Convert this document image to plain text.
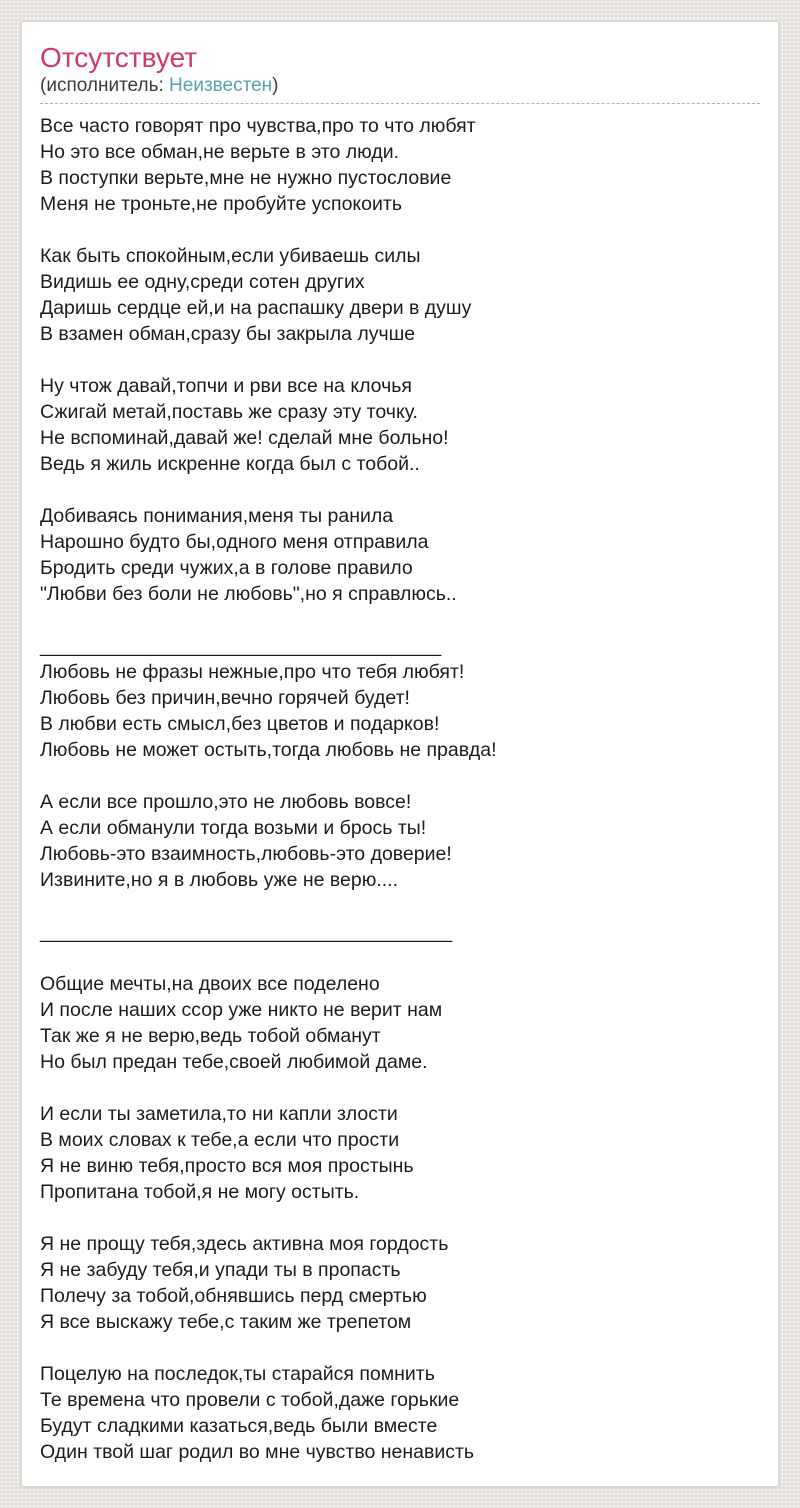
Отсутствует
(исполнитель: Неизвестен)
Все часто говорят про чувства,про то что любят
Но это все обман,не верьте в это люди.
В поступки верьте,мне не нужно пустословие
Меня не троньте,не пробуйте успокоить

Как быть спокойным,если убиваешь силы
Видишь ее одну,среди сотен других
Даришь сердце ей,и на распашку двери в душу
В взамен обман,сразу бы закрыла лучше

Ну чтож давай,топчи и рви все на клочья
Сжигай метай,поставь же сразу эту точку.
Не вспоминай,давай же! сделай мне больно!
Ведь я жиль искренне когда был с тобой..

Добиваясь понимания,меня ты ранила
Нарошно будто бы,одного меня отправила
Бродить среди чужих,а в голове правило
"Любви без боли не любовь",но я справлюсь..

_____________________________________
Любовь не фразы нежные,про что тебя любят!
Любовь без причин,вечно горячей будет!
В любви есть смысл,без цветов и подарков!
Любовь не может остыть,тогда любовь не правда!

А если все прошло,это не любовь вовсе!
А если обманули тогда возьми и брось ты!
Любовь-это взаимность,любовь-это доверие!
Извините,но я в любовь уже не верю....

______________________________________

Общие мечты,на двоих все поделено
И после наших ссор уже никто не верит нам
Так же я не верю,ведь тобой обманут
Но был предан тебе,своей любимой даме.

И если ты заметила,то ни капли злости
В моих словах к тебе,а если что прости
Я не виню тебя,просто вся моя простынь
Пропитана тобой,я не могу остыть.

Я не прощу тебя,здесь активна моя гордость
Я не забуду тебя,и упади ты в пропасть
Полечу за тобой,обнявшись перд смертью
Я все выскажу тебе,с таким же трепетом

Поцелую на последок,ты старайся помнить
Те времена что провели с тобой,даже горькие
Будут сладкими казаться,ведь были вместе
Один твой шаг родил во мне чувство ненависть
